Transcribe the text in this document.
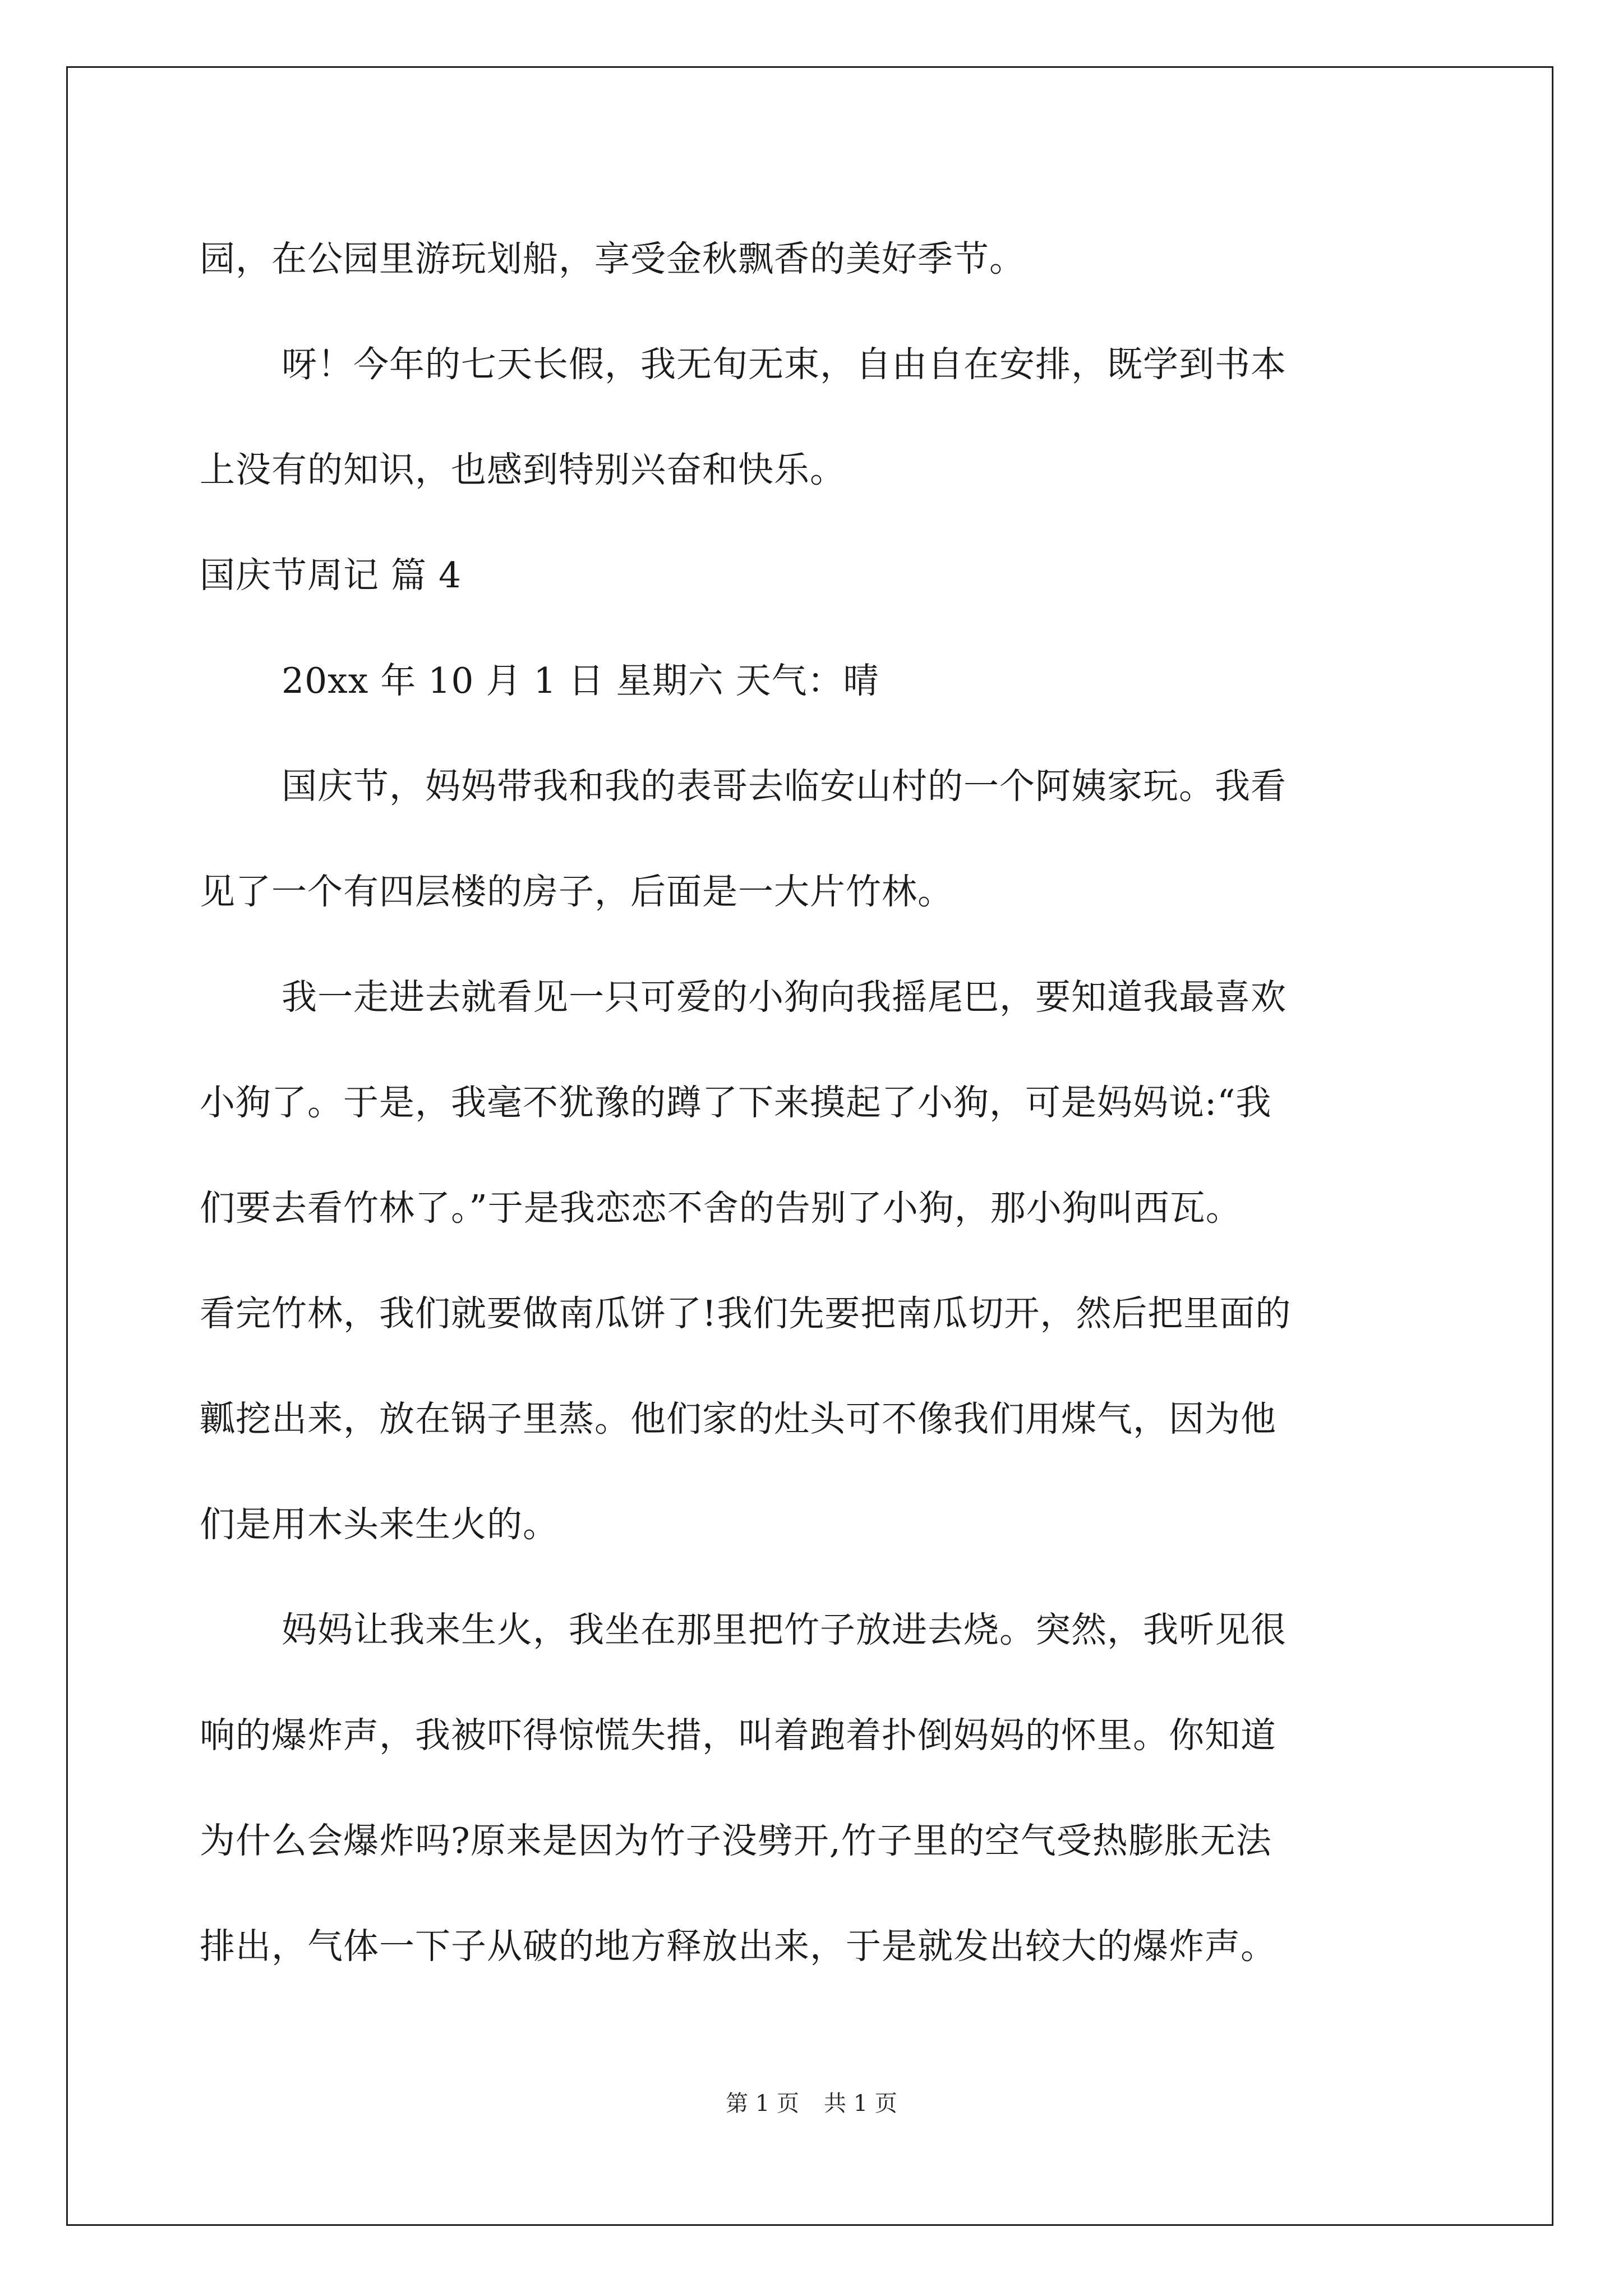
园，在公园里游玩划船，享受金秋飘香的美好季节。
呀！今年的七天长假，我无旬无束，自由自在安排，既学到书本
上没有的知识，也感到特别兴奋和快乐。
国庆节周记 篇 4
20xx 年 10 月 1 日 星期六 天气：晴
国庆节，妈妈带我和我的表哥去临安山村的一个阿姨家玩。我看
见了一个有四层楼的房子，后面是一大片竹林。
我一走进去就看见一只可爱的小狗向我摇尾巴，要知道我最喜欢
小狗了。于是，我毫不犹豫的蹲了下来摸起了小狗，可是妈妈说:“我
们要去看竹林了。”于是我恋恋不舍的告别了小狗，那小狗叫西瓦。
看完竹林，我们就要做南瓜饼了!我们先要把南瓜切开，然后把里面的
瓤挖出来，放在锅子里蒸。他们家的灶头可不像我们用煤气，因为他
们是用木头来生火的。
妈妈让我来生火，我坐在那里把竹子放进去烧。突然，我听见很
响的爆炸声，我被吓得惊慌失措，叫着跑着扑倒妈妈的怀里。你知道
为什么会爆炸吗?原来是因为竹子没劈开,竹子里的空气受热膨胀无法
排出，气体一下子从破的地方释放出来，于是就发出较大的爆炸声。
第 1 页 共 1 页
